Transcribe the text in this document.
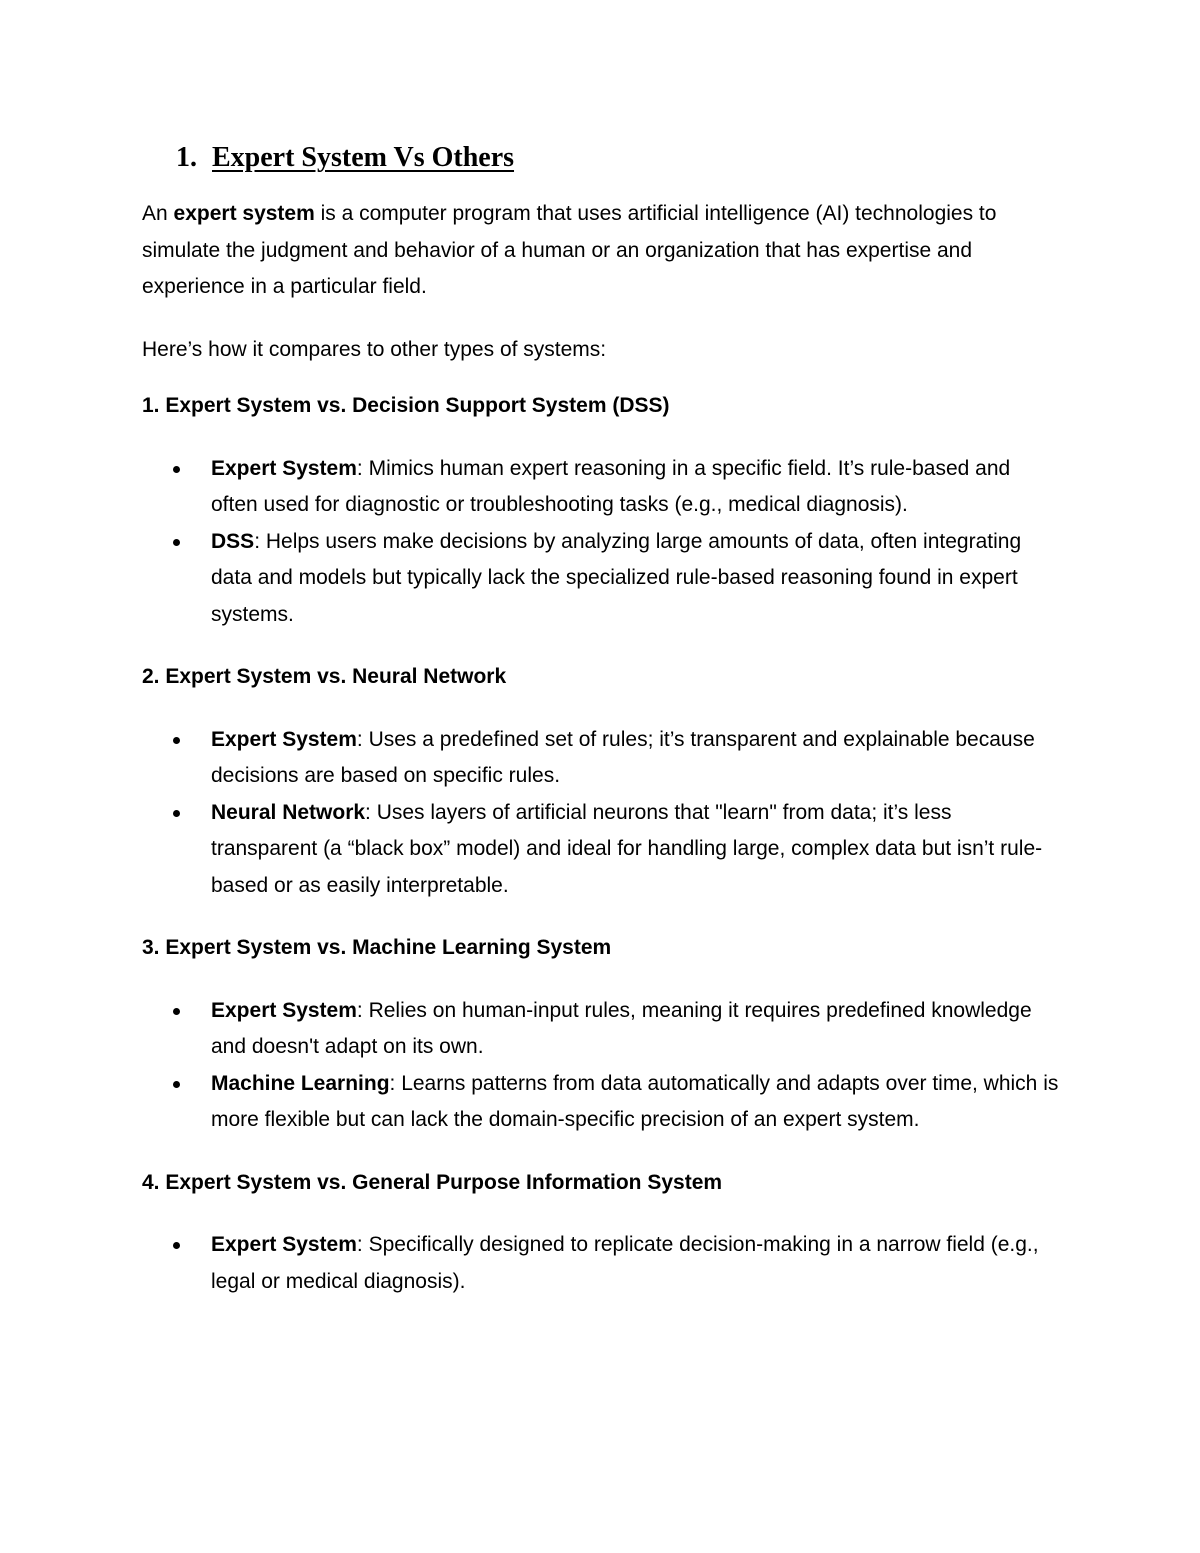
1. Expert System Vs Others

An expert system is a computer program that uses artificial intelligence (AI) technologies to simulate the judgment and behavior of a human or an organization that has expertise and experience in a particular field.

Here’s how it compares to other types of systems:

1. Expert System vs. Decision Support System (DSS)
Expert System: Mimics human expert reasoning in a specific field. It’s rule-based and often used for diagnostic or troubleshooting tasks (e.g., medical diagnosis).
DSS: Helps users make decisions by analyzing large amounts of data, often integrating data and models but typically lack the specialized rule-based reasoning found in expert systems.
2. Expert System vs. Neural Network
Expert System: Uses a predefined set of rules; it’s transparent and explainable because decisions are based on specific rules.
Neural Network: Uses layers of artificial neurons that "learn" from data; it’s less transparent (a “black box” model) and ideal for handling large, complex data but isn’t rule-based or as easily interpretable.
3. Expert System vs. Machine Learning System
Expert System: Relies on human-input rules, meaning it requires predefined knowledge and doesn't adapt on its own.
Machine Learning: Learns patterns from data automatically and adapts over time, which is more flexible but can lack the domain-specific precision of an expert system.
4. Expert System vs. General Purpose Information System
Expert System: Specifically designed to replicate decision-making in a narrow field (e.g., legal or medical diagnosis).
